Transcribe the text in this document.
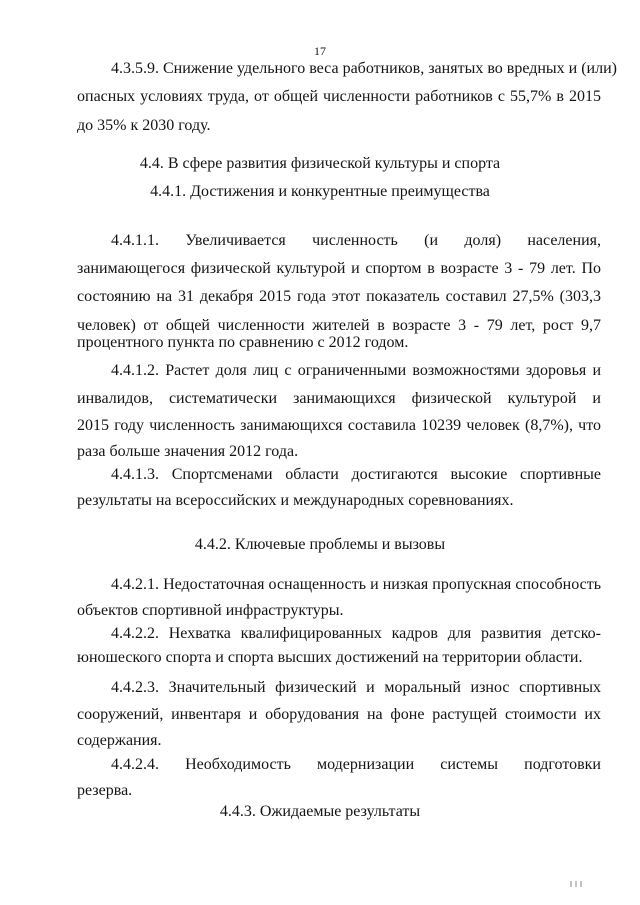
17
4.3.5.9. Снижение удельного веса работников, занятых во вредных и (или)
опасных условиях труда, от общей численности работников с 55,7% в 2015
до 35% к 2030 году.
4.4. В сфере развития физической культуры и спорта
4.4.1. Достижения и конкурентные преимущества
4.4.1.1. Увеличивается численность (и доля) населения,
занимающегося физической культурой и спортом в возрасте 3 - 79 лет. По
состоянию на 31 декабря 2015 года этот показатель составил 27,5% (303,3
человек) от общей численности жителей в возрасте 3 - 79 лет, рост 9,7
процентного пункта по сравнению с 2012 годом.
4.4.1.2. Растет доля лиц с ограниченными возможностями здоровья и
инвалидов, систематически занимающихся физической культурой и
2015 году численность занимающихся составила 10239 человек (8,7%), что
раза больше значения 2012 года.
4.4.1.3. Спортсменами области достигаются высокие спортивные
результаты на всероссийских и международных соревнованиях.
4.4.2. Ключевые проблемы и вызовы
4.4.2.1. Недостаточная оснащенность и низкая пропускная способность
объектов спортивной инфраструктуры.
4.4.2.2. Нехватка квалифицированных кадров для развития детско-
юношеского спорта и спорта высших достижений на территории области.
4.4.2.3. Значительный физический и моральный износ спортивных
сооружений, инвентаря и оборудования на фоне растущей стоимости их
содержания.
4.4.2.4. Необходимость модернизации системы подготовки
резерва.
4.4.3. Ожидаемые результаты
